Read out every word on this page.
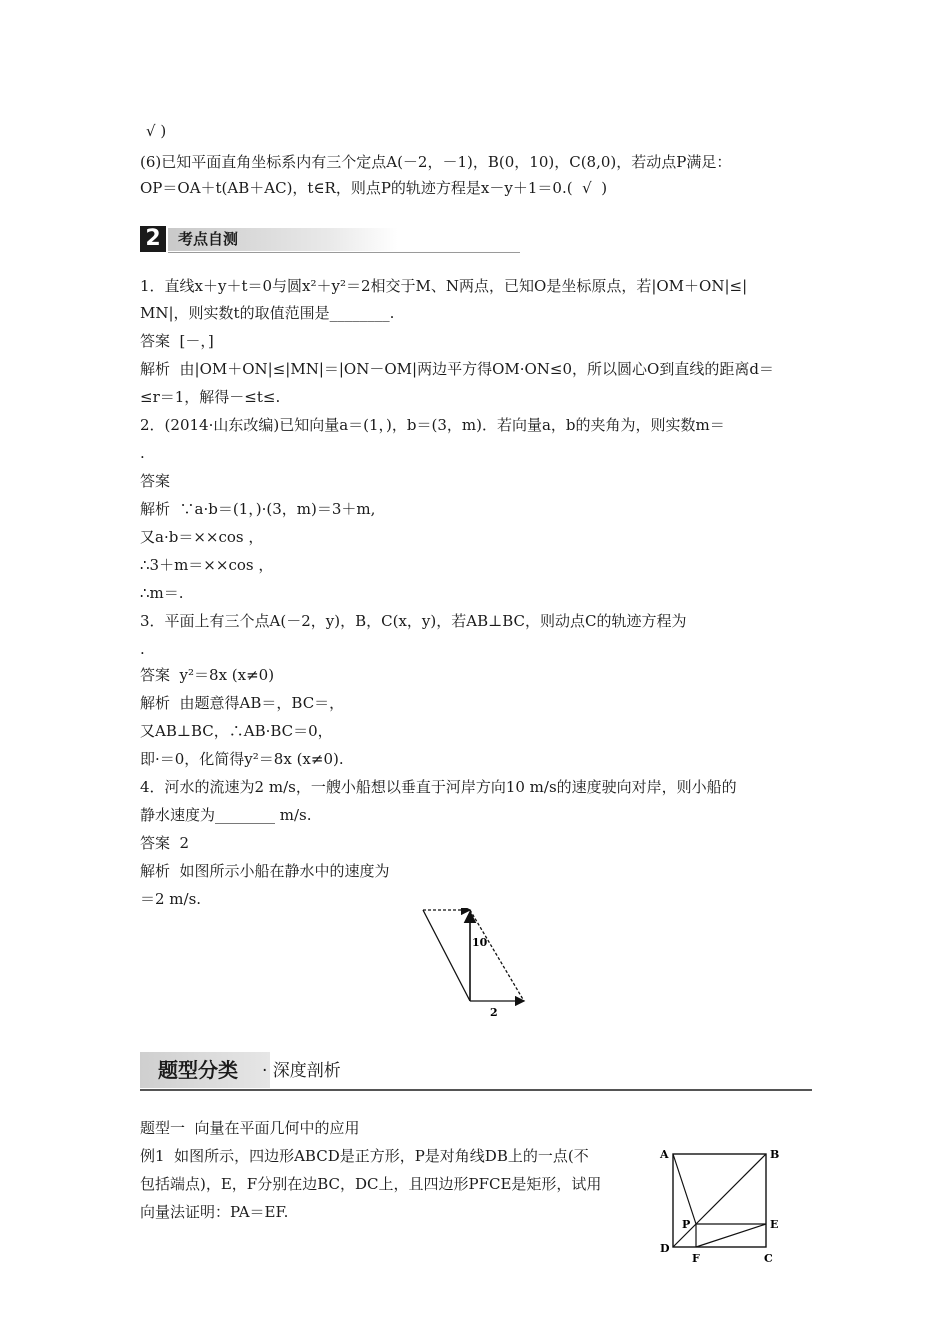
√ )
(6)已知平面直角坐标系内有三个定点A(－2，－1)，B(0，10)，C(8,0)，若动点P满足：
OP＝OA＋t(AB＋AC)，t∈R，则点P的轨迹方程是x－y＋1＝0.(  √  )
2	考点自测
1．直线x＋y＋t＝0与圆x²＋y²＝2相交于M、N两点，已知O是坐标原点，若|OM＋ON|≤|
MN|，则实数t的取值范围是________.
答案  [－，]
解析  由|OM＋ON|≤|MN|＝|ON－OM|两边平方得OM·ON≤0，所以圆心O到直线的距离d＝
≤r＝1，解得－≤t≤.
2．(2014·山东改编)已知向量a＝(1，)，b＝(3，m)．若向量a，b的夹角为，则实数m＝
.
答案
解析  ∵a·b＝(1，)·(3，m)＝3＋m,
又a·b＝××cos ，
∴3＋m＝××cos ，
∴m＝.
3．平面上有三个点A(－2，y)，B，C(x，y)，若AB⊥BC，则动点C的轨迹方程为
.
答案  y²＝8x (x≠0)
解析  由题意得AB＝，BC＝，
又AB⊥BC，∴AB·BC＝0，
即·＝0，化简得y²＝8x (x≠0).
4．河水的流速为2 m/s，一艘小船想以垂直于河岸方向10 m/s的速度驶向对岸，则小船的
静水速度为________ m/s.
答案  2
解析  如图所示小船在静水中的速度为
＝2 m/s.
10
2
题型分类 · 深度剖析
题型一  向量在平面几何中的应用
例1  如图所示，四边形ABCD是正方形，P是对角线DB上的一点(不
包括端点)，E，F分别在边BC，DC上，且四边形PFCE是矩形，试用
向量法证明：PA＝EF.
A	B
P	E
D
F	C
